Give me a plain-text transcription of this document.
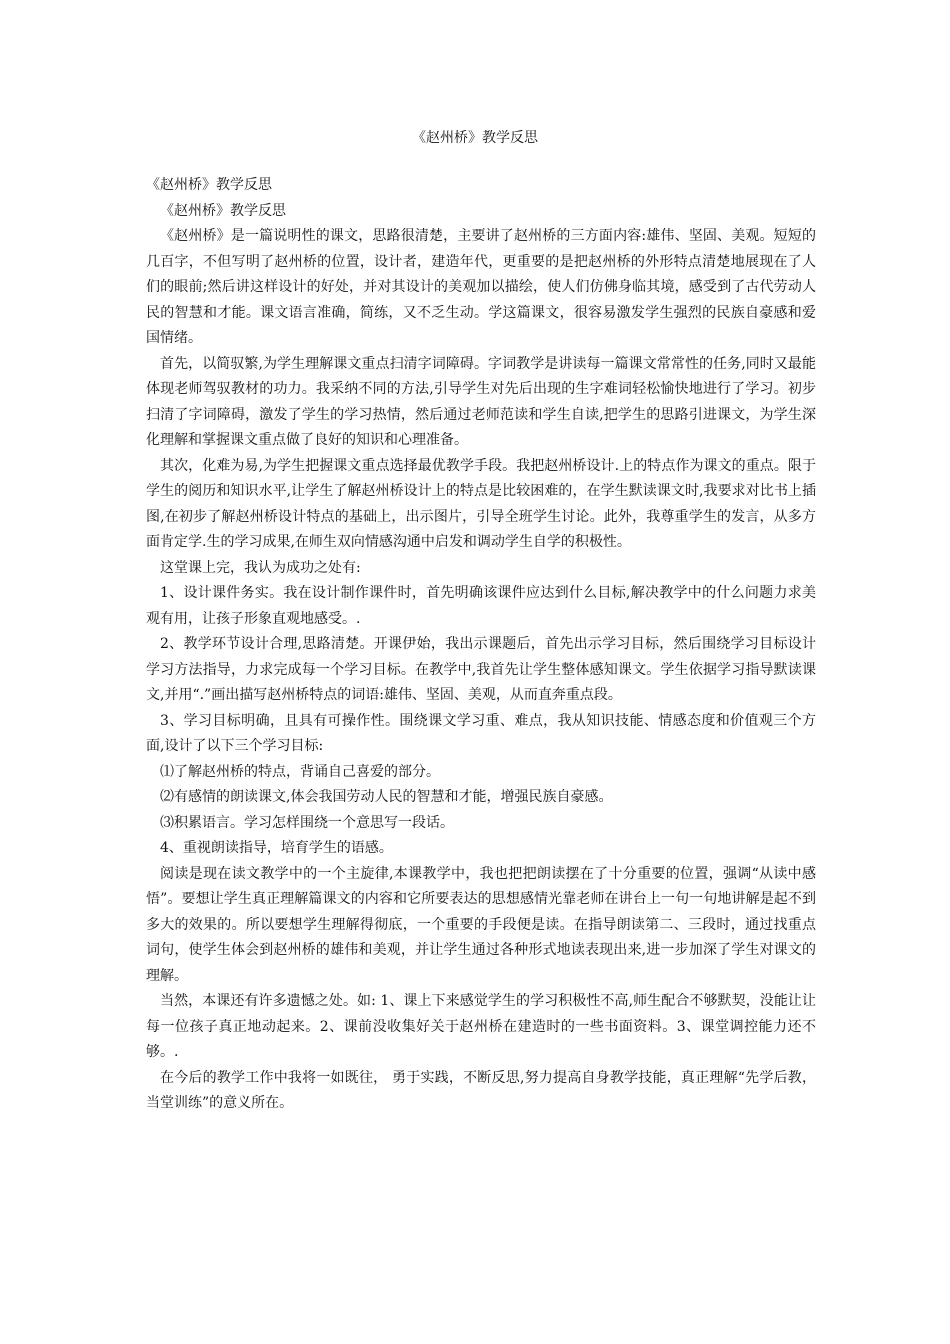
《赵州桥》教学反思

《赵州桥》教学反思

《赵州桥》教学反思

《赵州桥》是一篇说明性的课文，思路很清楚，主要讲了赵州桥的三方面内容:雄伟、坚固、美观。短短的几百字，不但写明了赵州桥的位置，设计者，建造年代，更重要的是把赵州桥的外形特点清楚地展现在了人们的眼前;然后讲这样设计的好处，并对其设计的美观加以描绘，使人们仿佛身临其境，感受到了古代劳动人民的智慧和才能。课文语言准确，简练，又不乏生动。学这篇课文，很容易激发学生强烈的民族自豪感和爱国情绪。

首先，以简驭繁,为学生理解课文重点扫清字词障碍。字词教学是讲读每一篇课文常常性的任务,同时又最能体现老师驾驭教材的功力。我采纳不同的方法,引导学生对先后出现的生字难词轻松愉快地进行了学习。初步扫清了字词障碍，激发了学生的学习热情，然后通过老师范读和学生自读,把学生的思路引进课文，为学生深化理解和掌握课文重点做了良好的知识和心理准备。

其次，化难为易,为学生把握课文重点选择最优教学手段。我把赵州桥设计.上的特点作为课文的重点。限于学生的阅历和知识水平,让学生了解赵州桥设计上的特点是比较困难的，在学生默读课文时,我要求对比书上插图,在初步了解赵州桥设计特点的基础上，出示图片，引导全班学生讨论。此外，我尊重学生的发言，从多方面肯定学.生的学习成果,在师生双向情感沟通中启发和调动学生自学的积极性。

这堂课上完，我认为成功之处有:

1、设计课件务实。我在设计制作课件时，首先明确该课件应达到什么目标,解决教学中的什么问题力求美观有用，让孩子形象直观地感受。.

2、教学环节设计合理,思路清楚。开课伊始，我出示课题后，首先出示学习目标，然后围绕学习目标设计学习方法指导，力求完成每一个学习目标。在教学中,我首先让学生整体感知课文。学生依据学习指导默读课文,并用“.”画出描写赵州桥特点的词语:雄伟、坚固、美观，从而直奔重点段。

3、学习目标明确，且具有可操作性。围绕课文学习重、难点，我从知识技能、情感态度和价值观三个方面,设计了以下三个学习目标:

⑴了解赵州桥的特点，背诵自己喜爱的部分。

⑵有感情的朗读课文,体会我国劳动人民的智慧和才能，增强民族自豪感。

⑶积累语言。学习怎样围绕一个意思写一段话。

4、重视朗读指导，培育学生的语感。

阅读是现在读文教学中的一个主旋律,本课教学中，我也把把朗读摆在了十分重要的位置，强调“从读中感悟”。要想让学生真正理解篇课文的内容和它所要表达的思想感情光靠老师在讲台上一句一句地讲解是起不到多大的效果的。所以要想学生理解得彻底，一个重要的手段便是读。在指导朗读第二、三段时，通过找重点词句，使学生体会到赵州桥的雄伟和美观，并让学生通过各种形式地读表现出来,进一步加深了学生对课文的理解。

当然，本课还有许多遗憾之处。如: 1、课上下来感觉学生的学习积极性不高,师生配合不够默契，没能让让每一位孩子真正地动起来。2、课前没收集好关于赵州桥在建造时的一些书面资料。3、课堂调控能力还不够。.

在今后的教学工作中我将一如既往， 勇于实践，不断反思,努力提高自身教学技能，真正理解“先学后教，当堂训练”的意义所在。
